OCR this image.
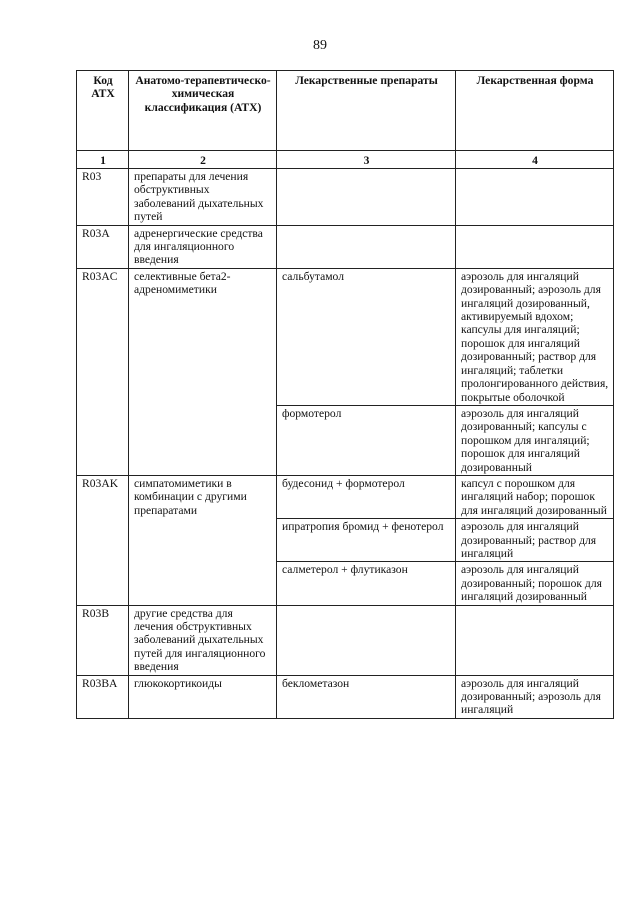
89
Код АТХ	Анатомо-терапевтическо-химическая классификация (АТХ)	Лекарственные препараты	Лекарственная форма
1	2	3	4
R03	препараты для лечения обструктивных заболеваний дыхательных путей		
R03A	адренергические средства для ингаляционного введения		
R03AC	селективные бета2-адреномиметики	сальбутамол	аэрозоль для ингаляций дозированный; аэрозоль для ингаляций дозированный, активируемый вдохом; капсулы для ингаляций; порошок для ингаляций дозированный; раствор для ингаляций; таблетки пролонгированного действия, покрытые оболочкой
		формотерол	аэрозоль для ингаляций дозированный; капсулы с порошком для ингаляций; порошок для ингаляций дозированный
R03AK	симпатомиметики в комбинации с другими препаратами	будесонид + формотерол	капсул с порошком для ингаляций набор; порошок для ингаляций дозированный
		ипратропия бромид + фенотерол	аэрозоль для ингаляций дозированный; раствор для ингаляций
		салметерол + флутиказон	аэрозоль для ингаляций дозированный; порошок для ингаляций дозированный
R03B	другие средства для лечения обструктивных заболеваний дыхательных путей для ингаляционного введения		
R03BA	глюкокортикоиды	беклометазон	аэрозоль для ингаляций дозированный; аэрозоль для ингаляций
